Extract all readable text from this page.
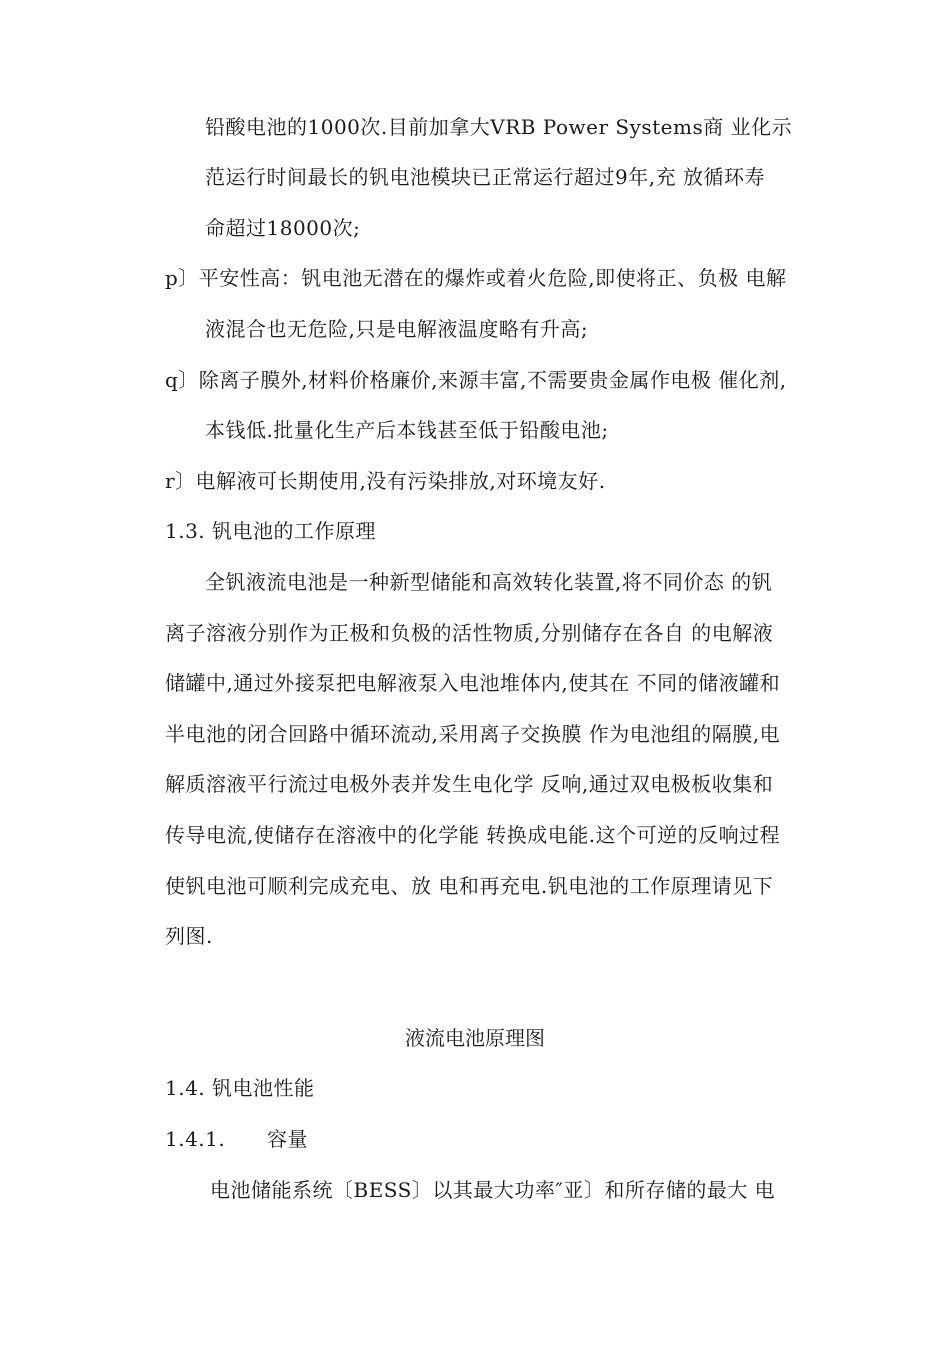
铅酸电池的1000次.目前加拿大VRB Power Systems商 业化示
范运行时间最长的钒电池模块已正常运行超过9年,充 放循环寿
命超过18000次;
p〕平安性高：钒电池无潜在的爆炸或着火危险,即使将正、负极 电解
液混合也无危险,只是电解液温度略有升高;
q〕除离子膜外,材料价格廉价,来源丰富,不需要贵金属作电极 催化剂,
本钱低.批量化生产后本钱甚至低于铅酸电池;
r〕电解液可长期使用,没有污染排放,对环境友好.
1.3. 钒电池的工作原理
全钒液流电池是一种新型储能和高效转化装置,将不同价态 的钒
离子溶液分别作为正极和负极的活性物质,分别储存在各自 的电解液
储罐中,通过外接泵把电解液泵入电池堆体内,使其在 不同的储液罐和
半电池的闭合回路中循环流动,采用离子交换膜 作为电池组的隔膜,电
解质溶液平行流过电极外表并发生电化学 反响,通过双电极板收集和
传导电流,使储存在溶液中的化学能 转换成电能.这个可逆的反响过程
使钒电池可顺利完成充电、放 电和再充电.钒电池的工作原理请见下
列图.
液流电池原理图
1.4. 钒电池性能
1.4.1. 容量
电池储能系统〔BESS〕以其最大功率″亚〕和所存储的最大 电
